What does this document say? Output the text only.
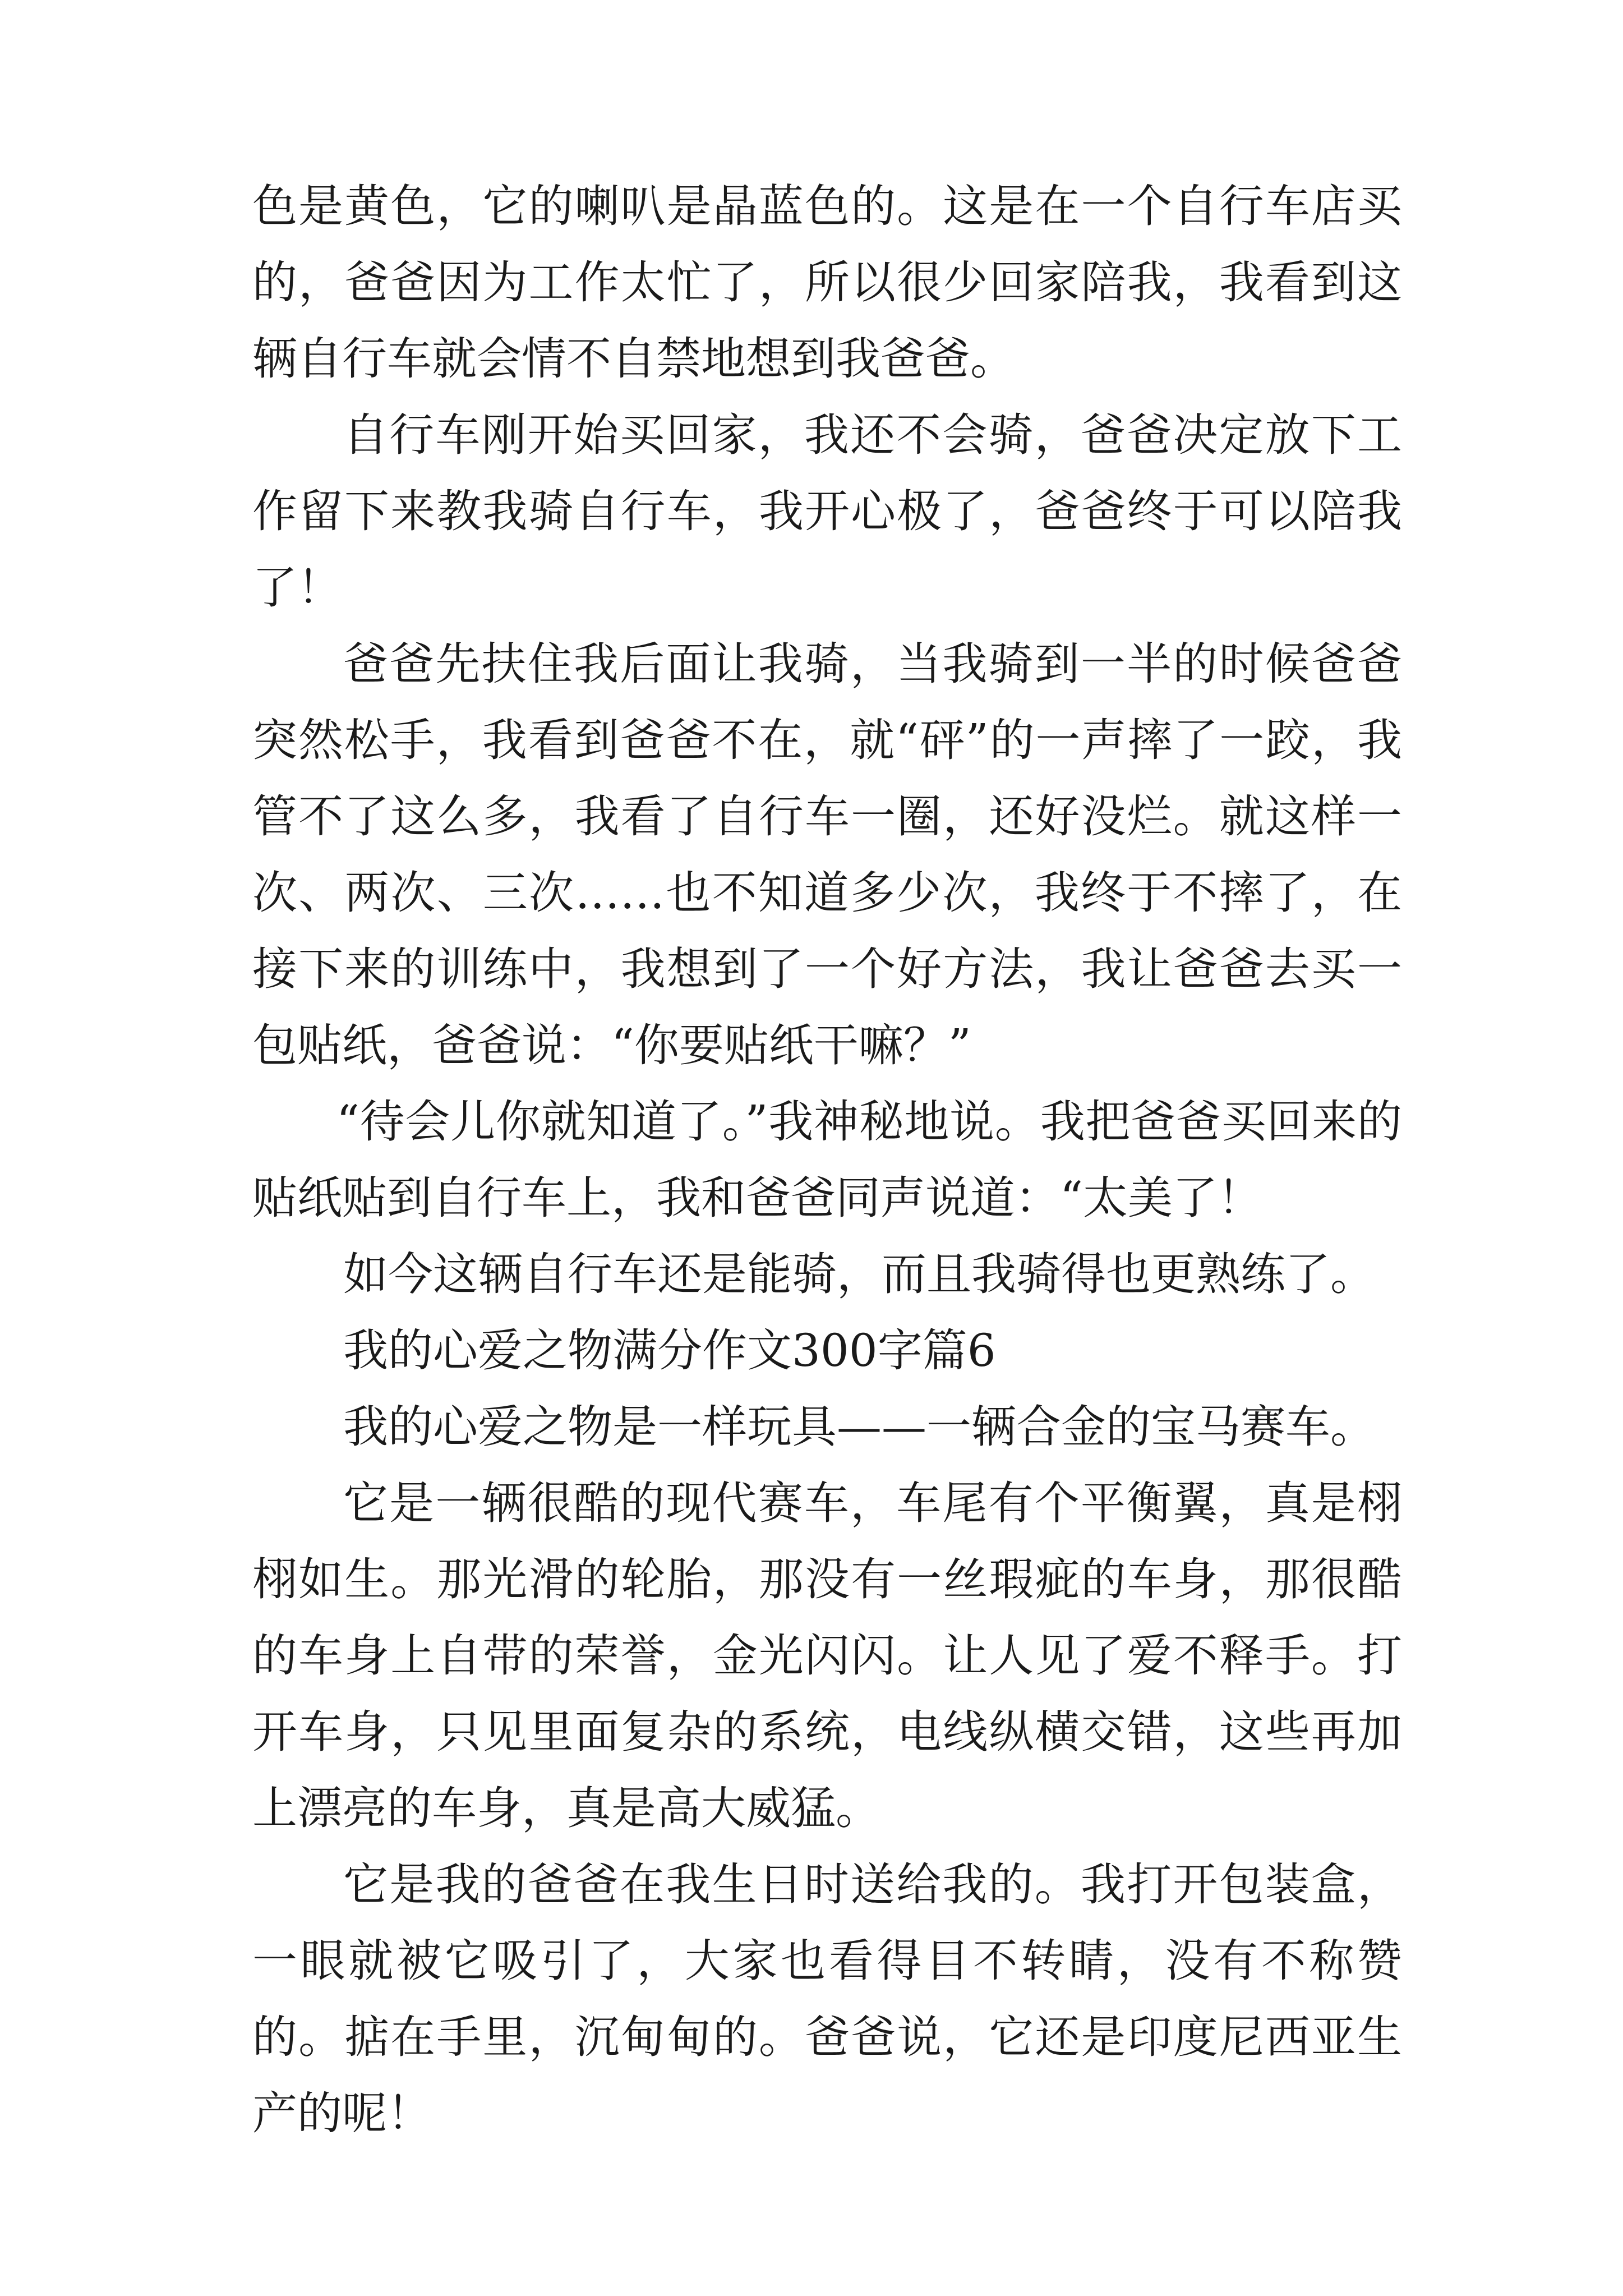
色是黄色，它的喇叭是晶蓝色的。这是在一个自行车店买的，爸爸因为工作太忙了，所以很少回家陪我，我看到这辆自行车就会情不自禁地想到我爸爸。

自行车刚开始买回家，我还不会骑，爸爸决定放下工作留下来教我骑自行车，我开心极了，爸爸终于可以陪我了！

爸爸先扶住我后面让我骑，当我骑到一半的时候爸爸突然松手，我看到爸爸不在，就“砰”的一声摔了一跤，我管不了这么多，我看了自行车一圈，还好没烂。就这样一次、两次、三次……也不知道多少次，我终于不摔了，在接下来的训练中，我想到了一个好方法，我让爸爸去买一包贴纸，爸爸说：“你要贴纸干嘛？”

“待会儿你就知道了。”我神秘地说。我把爸爸买回来的贴纸贴到自行车上，我和爸爸同声说道：“太美了！

如今这辆自行车还是能骑，而且我骑得也更熟练了。

我的心爱之物满分作文300字篇6

我的心爱之物是一样玩具——一辆合金的宝马赛车。

它是一辆很酷的现代赛车，车尾有个平衡翼，真是栩栩如生。那光滑的轮胎，那没有一丝瑕疵的车身，那很酷的车身上自带的荣誉，金光闪闪。让人见了爱不释手。打开车身，只见里面复杂的系统，电线纵横交错，这些再加上漂亮的车身，真是高大威猛。

它是我的爸爸在我生日时送给我的。我打开包装盒，一眼就被它吸引了，大家也看得目不转睛，没有不称赞的。掂在手里，沉甸甸的。爸爸说，它还是印度尼西亚生产的呢！
